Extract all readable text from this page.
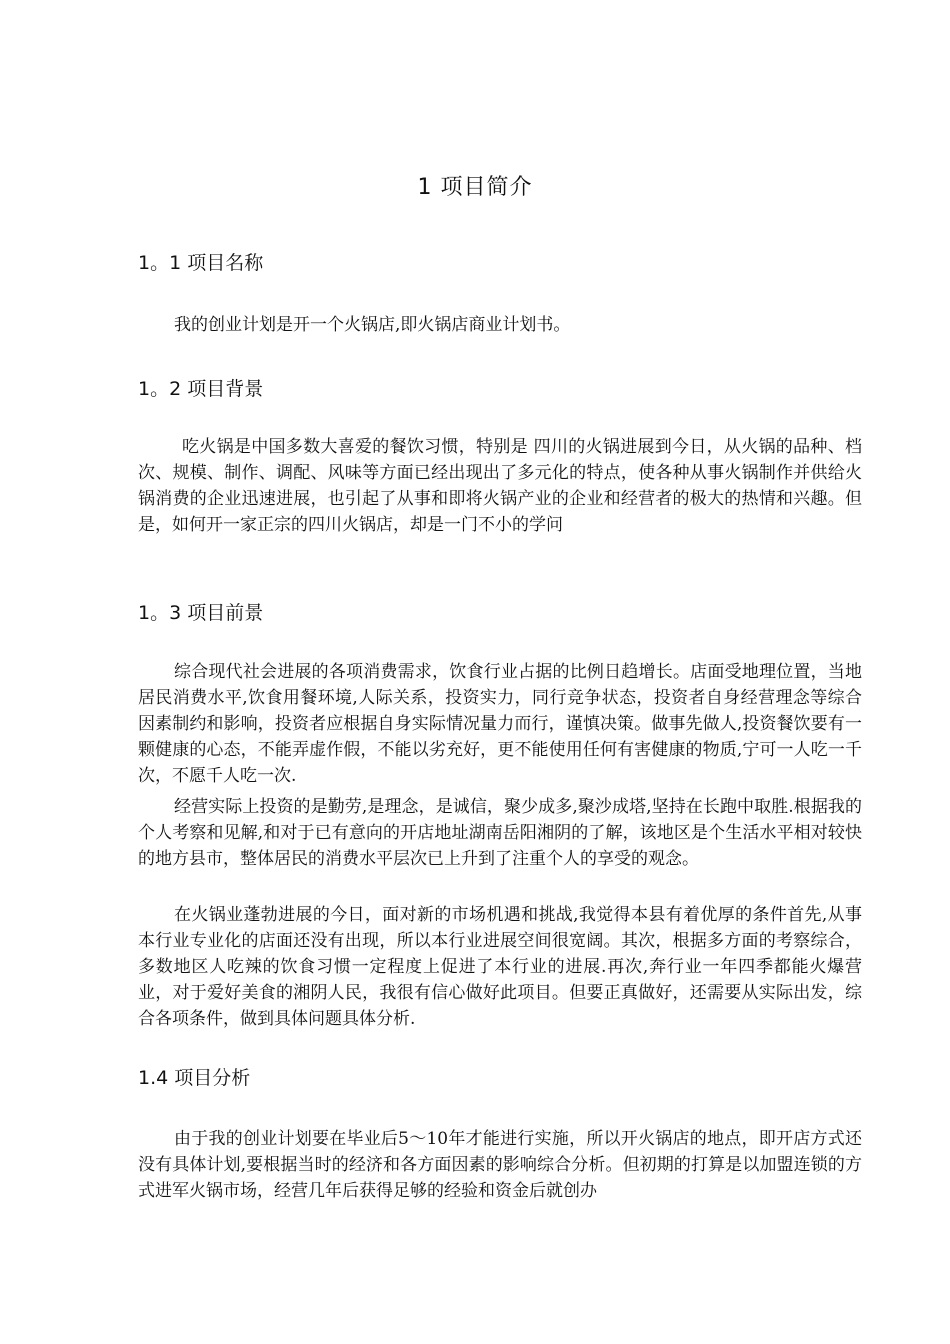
1 项目简介
1。1 项目名称

我的创业计划是开一个火锅店,即火锅店商业计划书。

1。2 项目背景

吃火锅是中国多数大喜爱的餐饮习惯，特别是 四川的火锅进展到今日，从火锅的品种、档次、规模、制作、调配、风味等方面已经出现出了多元化的特点，使各种从事火锅制作并供给火锅消费的企业迅速进展，也引起了从事和即将火锅产业的企业和经营者的极大的热情和兴趣。但是，如何开一家正宗的四川火锅店，却是一门不小的学问

1。3 项目前景

综合现代社会进展的各项消费需求，饮食行业占据的比例日趋增长。店面受地理位置，当地居民消费水平,饮食用餐环境,人际关系，投资实力，同行竞争状态，投资者自身经营理念等综合因素制约和影响，投资者应根据自身实际情况量力而行，谨慎决策。做事先做人,投资餐饮要有一颗健康的心态，不能弄虚作假，不能以劣充好，更不能使用任何有害健康的物质,宁可一人吃一千次，不愿千人吃一次.

经营实际上投资的是勤劳,是理念，是诚信，聚少成多,聚沙成塔,坚持在长跑中取胜.根据我的个人考察和见解,和对于已有意向的开店地址湖南岳阳湘阴的了解，该地区是个生活水平相对较快的地方县市，整体居民的消费水平层次已上升到了注重个人的享受的观念。

在火锅业蓬勃进展的今日，面对新的市场机遇和挑战,我觉得本县有着优厚的条件首先,从事本行业专业化的店面还没有出现，所以本行业进展空间很宽阔。其次，根据多方面的考察综合，多数地区人吃辣的饮食习惯一定程度上促进了本行业的进展.再次,奔行业一年四季都能火爆营业，对于爱好美食的湘阴人民，我很有信心做好此项目。但要正真做好，还需要从实际出发，综合各项条件，做到具体问题具体分析.

1.4 项目分析

由于我的创业计划要在毕业后5～10年才能进行实施，所以开火锅店的地点，即开店方式还没有具体计划,要根据当时的经济和各方面因素的影响综合分析。但初期的打算是以加盟连锁的方式进军火锅市场，经营几年后获得足够的经验和资金后就创办
